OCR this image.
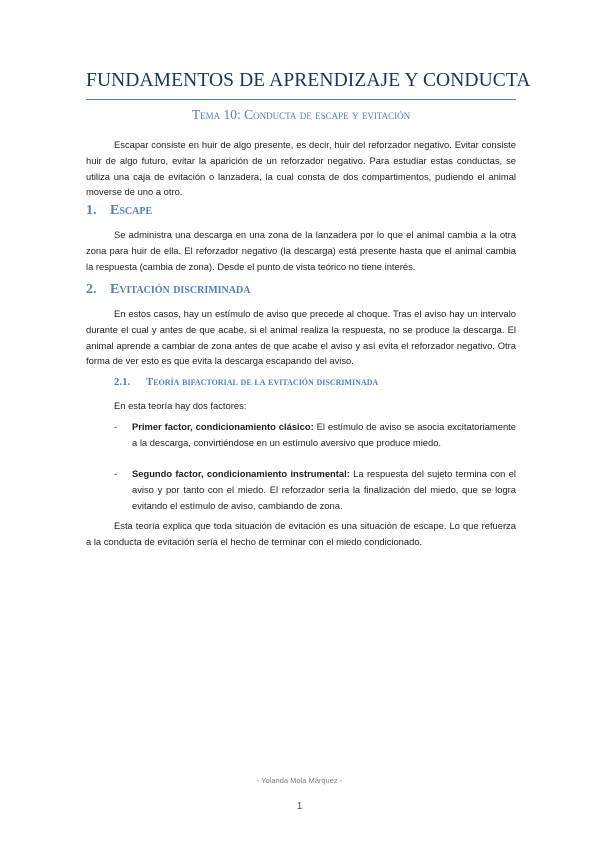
FUNDAMENTOS DE APRENDIZAJE Y CONDUCTA
Tema 10: Conducta de escape y evitación

Escapar consiste en huir de algo presente, es decir, huir del reforzador negativo. Evitar consiste huir de algo futuro, evitar la aparición de un reforzador negativo. Para estudiar estas conductas, se utiliza una caja de evitación o lanzadera, la cual consta de dos compartimentos, pudiendo el animal moverse de uno a otro.

1. Escape

Se administra una descarga en una zona de la lanzadera por lo que el animal cambia a la otra zona para huir de ella. El reforzador negativo (la descarga) está presente hasta que el animal cambia la respuesta (cambia de zona). Desde el punto de vista teórico no tiene interés.

2. Evitación discriminada

En estos casos, hay un estímulo de aviso que precede al choque. Tras el aviso hay un intervalo durante el cual y antes de que acabe, si el animal realiza la respuesta, no se produce la descarga. El animal aprende a cambiar de zona antes de que acabe el aviso y así evita el reforzador negativo. Otra forma de ver esto es que evita la descarga escapando del aviso.

2.1. Teoría bifactorial de la evitación discriminada
En esta teoría hay dos factores:
- Primer factor, condicionamiento clásico: El estímulo de aviso se asocia excitatoriamente a la descarga, convirtiéndose en un estímulo aversivo que produce miedo.
- Segundo factor, condicionamiento instrumental: La respuesta del sujeto termina con el aviso y por tanto con el miedo. El reforzador sería la finalización del miedo, que se logra evitando el estímulo de aviso, cambiando de zona.

Esta teoría explica que toda situación de evitación es una situación de escape. Lo que refuerza a la conducta de evitación sería el hecho de terminar con el miedo condicionado.

- Yolanda Mola Márquez -
1
